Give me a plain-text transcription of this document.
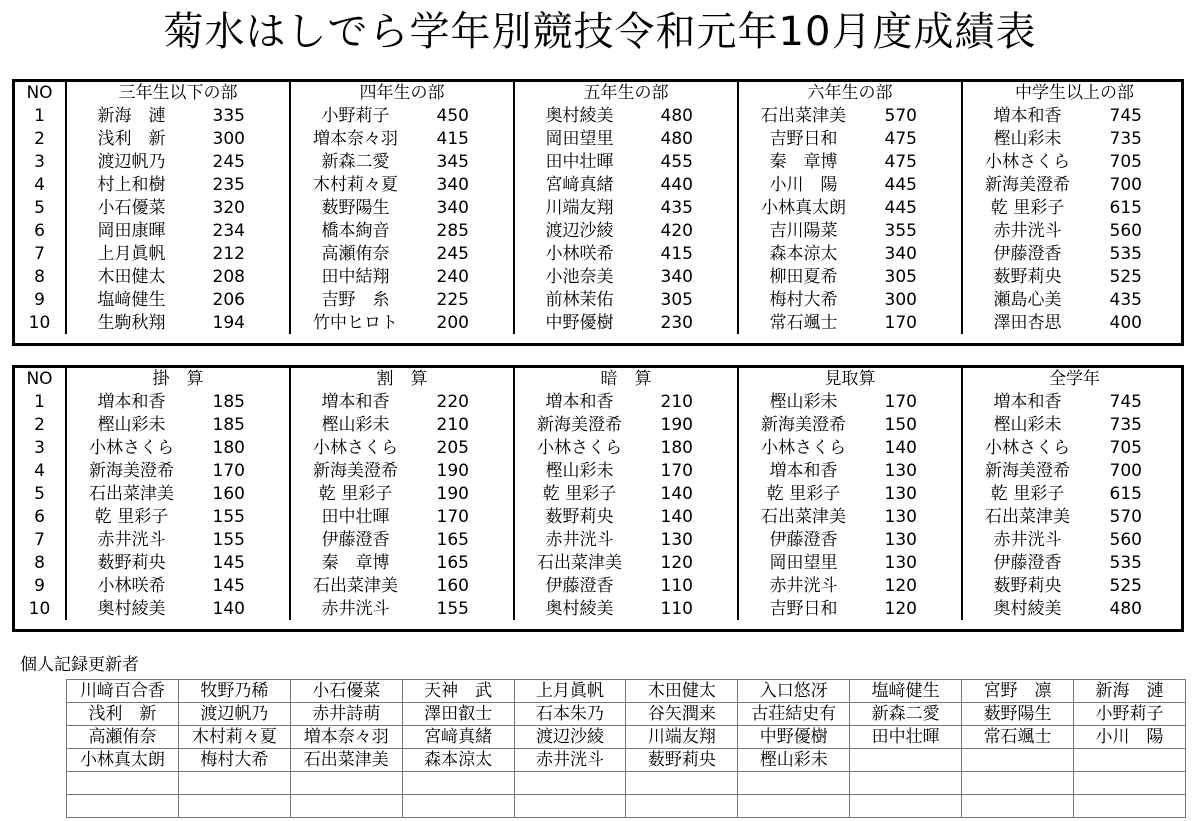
菊水はしでら学年別競技令和元年10月度成績表
NO	三年生以下の部		四年生の部		五年生の部		六年生の部		中学生以上の部	
1	新海　漣	335	小野莉子	450	奥村綾美	480	石出菜津美	570	増本和香	745
2	浅利　新	300	増本奈々羽	415	岡田望里	480	吉野日和	475	樫山彩未	735
3	渡辺帆乃	245	新森二愛	345	田中壮暉	455	秦　章博	475	小林さくら	705
4	村上和樹	235	木村莉々夏	340	宮﨑真緒	440	小川　陽	445	新海美澄希	700
5	小石優菜	320	薮野陽生	340	川端友翔	435	小林真太朗	445	乾 里彩子	615
6	岡田康暉	234	橋本絢音	285	渡辺沙綾	420	吉川陽菜	355	赤井洸斗	560
7	上月眞帆	212	高瀬侑奈	245	小林咲希	415	森本涼太	340	伊藤澄香	535
8	木田健太	208	田中結翔	240	小池奈美	340	柳田夏希	305	薮野莉央	525
9	塩﨑健生	206	吉野　糸	225	前林茉佑	305	梅村大希	300	瀬島心美	435
10	生駒秋翔	194	竹中ヒロト	200	中野優樹	230	常石颯士	170	澤田杏思	400
NO	掛　算		割　算		暗　算		見取算		全学年	
1	増本和香	185	増本和香	220	増本和香	210	樫山彩未	170	増本和香	745
2	樫山彩未	185	樫山彩未	210	新海美澄希	190	新海美澄希	150	樫山彩未	735
3	小林さくら	180	小林さくら	205	小林さくら	180	小林さくら	140	小林さくら	705
4	新海美澄希	170	新海美澄希	190	樫山彩未	170	増本和香	130	新海美澄希	700
5	石出菜津美	160	乾 里彩子	190	乾 里彩子	140	乾 里彩子	130	乾 里彩子	615
6	乾 里彩子	155	田中壮暉	170	薮野莉央	140	石出菜津美	130	石出菜津美	570
7	赤井洸斗	155	伊藤澄香	165	赤井洸斗	130	伊藤澄香	130	赤井洸斗	560
8	薮野莉央	145	秦　章博	165	石出菜津美	120	岡田望里	130	伊藤澄香	535
9	小林咲希	145	石出菜津美	160	伊藤澄香	110	赤井洸斗	120	薮野莉央	525
10	奥村綾美	140	赤井洸斗	155	奥村綾美	110	吉野日和	120	奥村綾美	480
個人記録更新者
川﨑百合香	牧野乃稀	小石優菜	天神　武	上月眞帆	木田健太	入口悠冴	塩﨑健生	宮野　凛	新海　漣
浅利　新	渡辺帆乃	赤井詩萌	澤田叡士	石本朱乃	谷矢潤来	古荘結史有	新森二愛	薮野陽生	小野莉子
高瀬侑奈	木村莉々夏	増本奈々羽	宮﨑真緒	渡辺沙綾	川端友翔	中野優樹	田中壮暉	常石颯士	小川　陽
小林真太朗	梅村大希	石出菜津美	森本涼太	赤井洸斗	薮野莉央	樫山彩未			
